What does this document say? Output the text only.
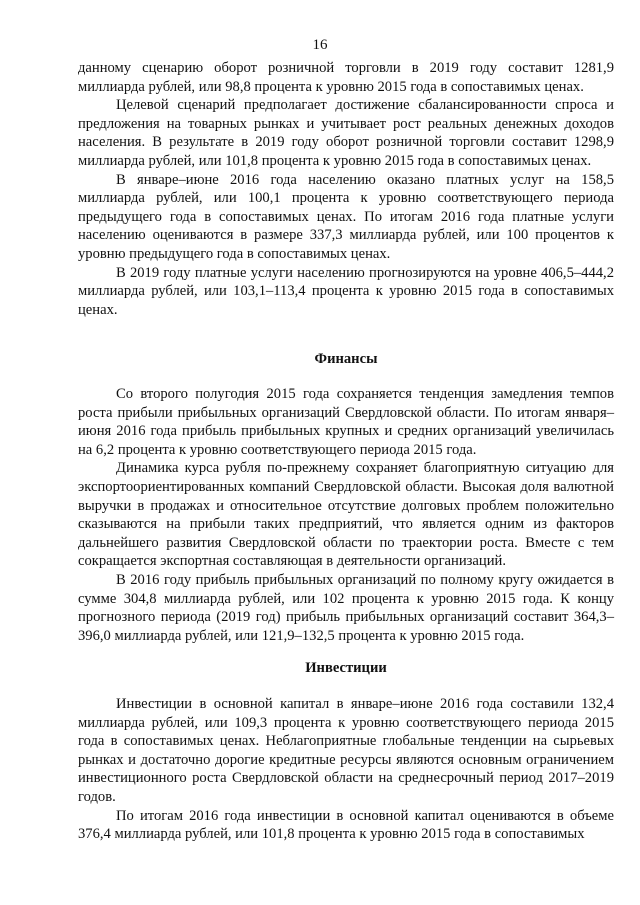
16

данному сценарию оборот розничной торговли в 2019 году составит 1281,9 миллиарда рублей, или 98,8 процента к уровню 2015 года в сопоставимых ценах.

Целевой сценарий предполагает достижение сбалансированности спроса и предложения на товарных рынках и учитывает рост реальных денежных доходов населения. В результате в 2019 году оборот розничной торговли составит 1298,9 миллиарда рублей, или 101,8 процента к уровню 2015 года в сопоставимых ценах.

В январе–июне 2016 года населению оказано платных услуг на 158,5 миллиарда рублей, или 100,1 процента к уровню соответствующего периода предыдущего года в сопоставимых ценах. По итогам 2016 года платные услуги населению оцениваются в размере 337,3 миллиарда рублей, или 100 процентов к уровню предыдущего года в сопоставимых ценах.

В 2019 году платные услуги населению прогнозируются на уровне 406,5–444,2 миллиарда рублей, или 103,1–113,4 процента к уровню 2015 года в сопоставимых ценах.

Финансы

Со второго полугодия 2015 года сохраняется тенденция замедления темпов роста прибыли прибыльных организаций Свердловской области. По итогам января–июня 2016 года прибыль прибыльных крупных и средних организаций увеличилась на 6,2 процента к уровню соответствующего периода 2015 года.

Динамика курса рубля по-прежнему сохраняет благоприятную ситуацию для экспортоориентированных компаний Свердловской области. Высокая доля валютной выручки в продажах и относительное отсутствие долговых проблем положительно сказываются на прибыли таких предприятий, что является одним из факторов дальнейшего развития Свердловской области по траектории роста. Вместе с тем сокращается экспортная составляющая в деятельности организаций.

В 2016 году прибыль прибыльных организаций по полному кругу ожидается в сумме 304,8 миллиарда рублей, или 102 процента к уровню 2015 года. К концу прогнозного периода (2019 год) прибыль прибыльных организаций составит 364,3–396,0 миллиарда рублей, или 121,9–132,5 процента к уровню 2015 года.

Инвестиции

Инвестиции в основной капитал в январе–июне 2016 года составили 132,4 миллиарда рублей, или 109,3 процента к уровню соответствующего периода 2015 года в сопоставимых ценах. Неблагоприятные глобальные тенденции на сырьевых рынках и достаточно дорогие кредитные ресурсы являются основным ограничением инвестиционного роста Свердловской области на среднесрочный период 2017–2019 годов.

По итогам 2016 года инвестиции в основной капитал оцениваются в объеме 376,4 миллиарда рублей, или 101,8 процента к уровню 2015 года в сопоставимых
